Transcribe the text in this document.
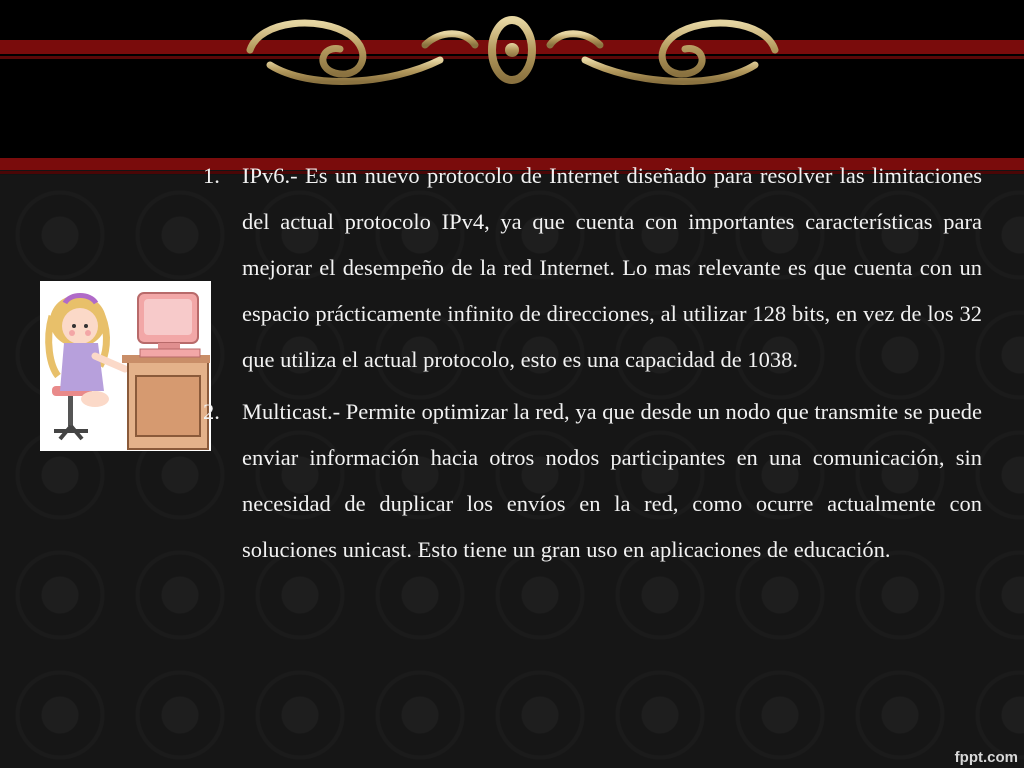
1. IPv6.- Es un nuevo protocolo de Internet diseñado para resolver las limitaciones del actual protocolo IPv4, ya que cuenta con importantes características para mejorar el desempeño de la red Internet. Lo mas relevante es que cuenta con un espacio prácticamente infinito de direcciones, al utilizar 128 bits, en vez de los 32 que utiliza el actual protocolo, esto es una capacidad de 1038.
2. Multicast.- Permite optimizar la red, ya que desde un nodo que transmite se puede enviar información hacia otros nodos participantes en una comunicación, sin necesidad de duplicar los envíos en la red, como ocurre actualmente con soluciones unicast. Esto tiene un gran uso en aplicaciones de educación.
fppt.com
